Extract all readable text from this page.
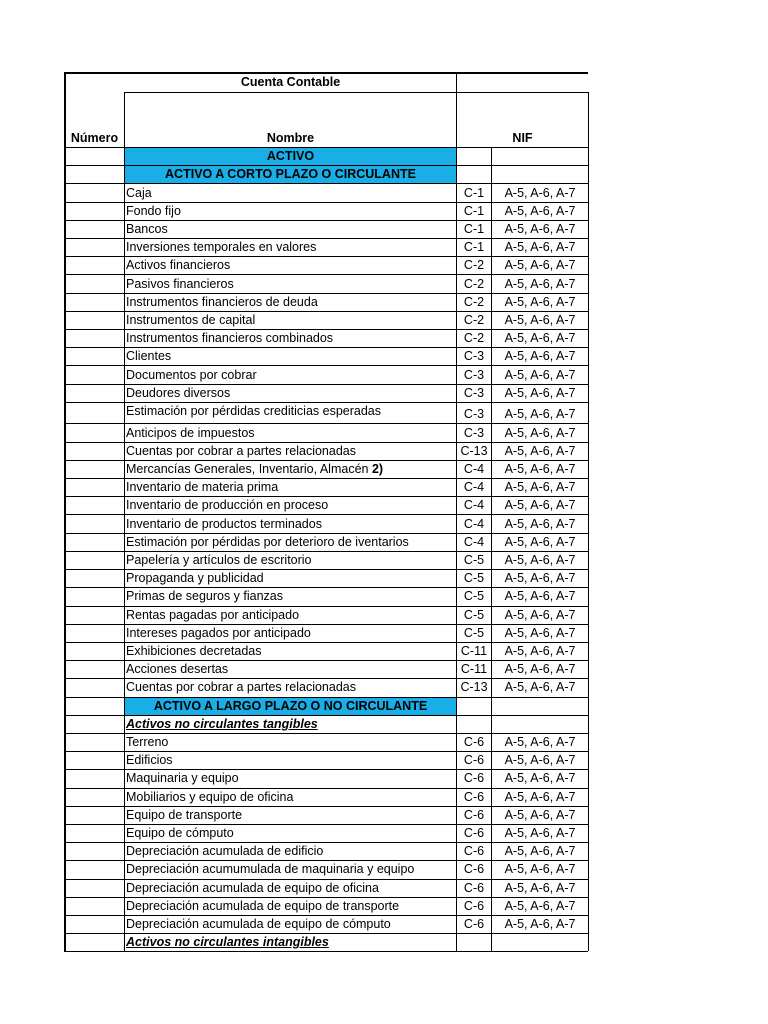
Cuenta Contable
Número	Nombre	NIF
ACTIVO
ACTIVO A CORTO PLAZO O CIRCULANTE
Caja	C-1	A-5, A-6, A-7
Fondo fijo	C-1	A-5, A-6, A-7
Bancos	C-1	A-5, A-6, A-7
Inversiones temporales en valores	C-1	A-5, A-6, A-7
Activos financieros	C-2	A-5, A-6, A-7
Pasivos financieros	C-2	A-5, A-6, A-7
Instrumentos financieros de deuda	C-2	A-5, A-6, A-7
Instrumentos de capital	C-2	A-5, A-6, A-7
Instrumentos financieros combinados	C-2	A-5, A-6, A-7
Clientes	C-3	A-5, A-6, A-7
Documentos por cobrar	C-3	A-5, A-6, A-7
Deudores diversos	C-3	A-5, A-6, A-7
Estimación por pérdidas crediticias esperadas	C-3	A-5, A-6, A-7
Anticipos de impuestos	C-3	A-5, A-6, A-7
Cuentas por cobrar a partes relacionadas	C-13	A-5, A-6, A-7
Mercancías Generales, Inventario, Almacén 2)	C-4	A-5, A-6, A-7
Inventario de materia prima	C-4	A-5, A-6, A-7
Inventario de producción en proceso	C-4	A-5, A-6, A-7
Inventario de productos terminados	C-4	A-5, A-6, A-7
Estimación por pérdidas por deterioro de iventarios	C-4	A-5, A-6, A-7
Papelería y artículos de escritorio	C-5	A-5, A-6, A-7
Propaganda y publicidad	C-5	A-5, A-6, A-7
Primas de seguros y fianzas	C-5	A-5, A-6, A-7
Rentas pagadas por anticipado	C-5	A-5, A-6, A-7
Intereses pagados por anticipado	C-5	A-5, A-6, A-7
Exhibiciones decretadas	C-11	A-5, A-6, A-7
Acciones desertas	C-11	A-5, A-6, A-7
Cuentas por cobrar a partes relacionadas	C-13	A-5, A-6, A-7
ACTIVO A LARGO PLAZO O NO CIRCULANTE
Activos no circulantes tangibles
Terreno	C-6	A-5, A-6, A-7
Edificios	C-6	A-5, A-6, A-7
Maquinaria y equipo	C-6	A-5, A-6, A-7
Mobiliarios y equipo de oficina	C-6	A-5, A-6, A-7
Equipo de transporte	C-6	A-5, A-6, A-7
Equipo de cómputo	C-6	A-5, A-6, A-7
Depreciación acumulada de edificio	C-6	A-5, A-6, A-7
Depreciación acumumulada de maquinaria y equipo	C-6	A-5, A-6, A-7
Depreciación acumulada de equipo de oficina	C-6	A-5, A-6, A-7
Depreciación acumulada de equipo de transporte	C-6	A-5, A-6, A-7
Depreciación acumulada de equipo de cómputo	C-6	A-5, A-6, A-7
Activos no circulantes intangibles
